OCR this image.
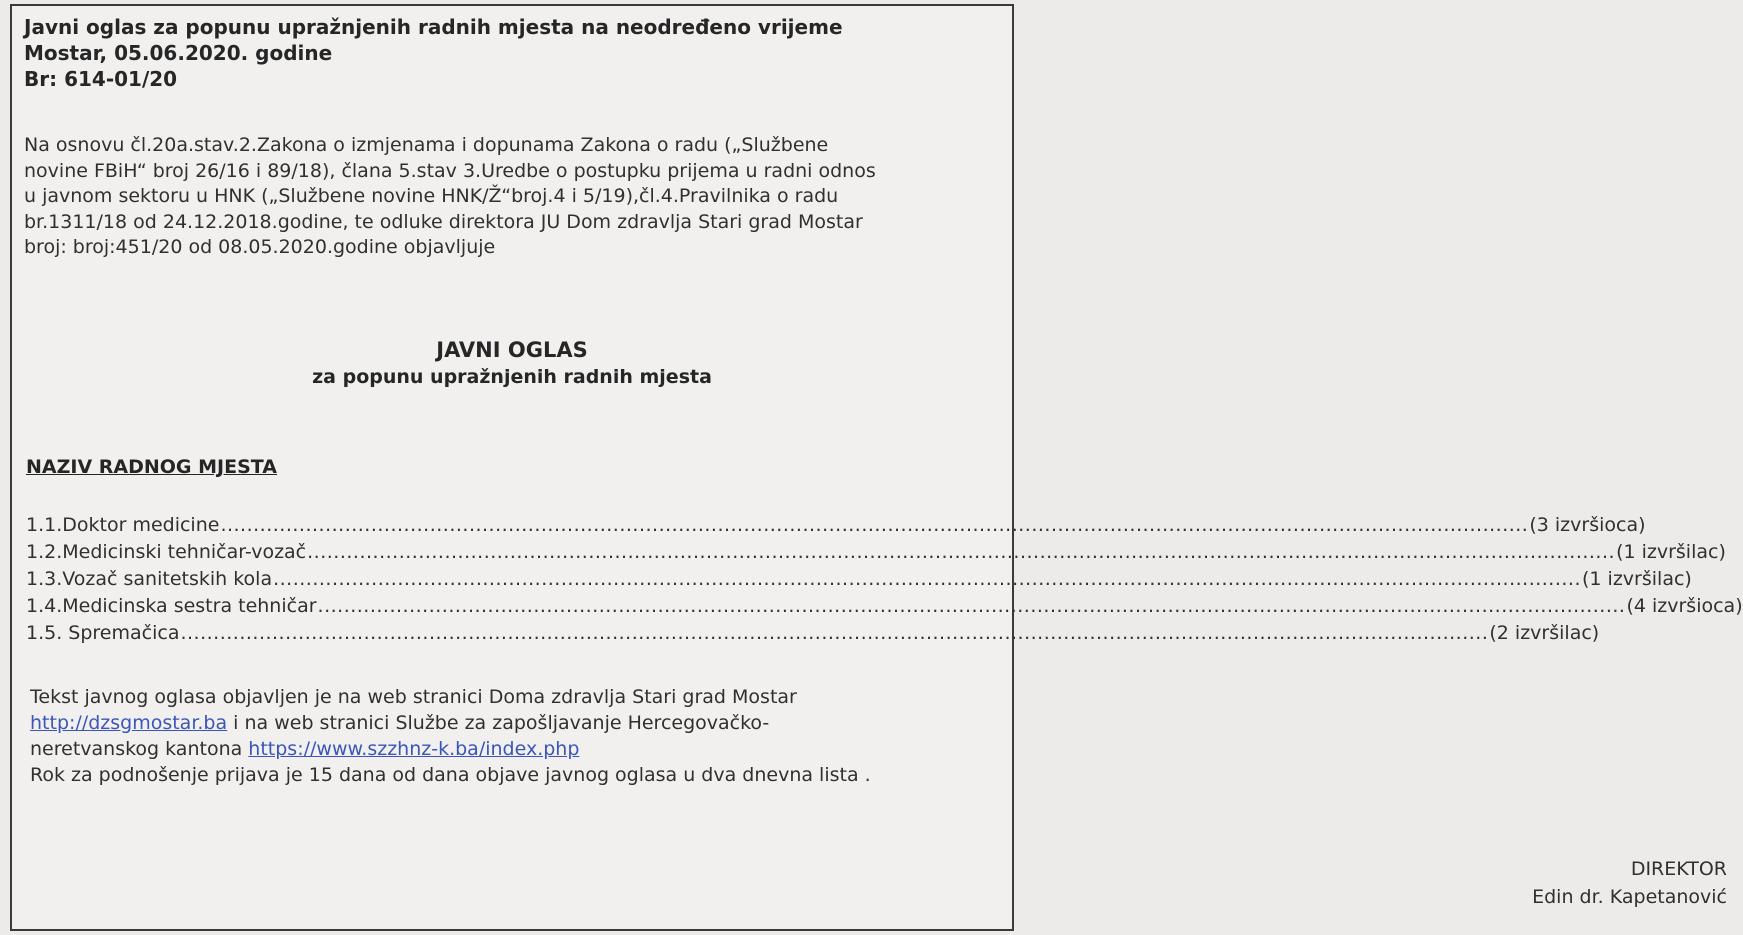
Javni oglas za popunu upražnjenih radnih mjesta na neodređeno vrijeme
Mostar, 05.06.2020. godine
Br: 614-01/20
Na osnovu čl.20a.stav.2.Zakona o izmjenama i dopunama Zakona o radu („Službene
novine FBiH“ broj 26/16 i 89/18), člana 5.stav 3.Uredbe o postupku prijema u radni odnos
u javnom sektoru u HNK („Službene novine HNK/Ž“broj.4 i 5/19),čl.4.Pravilnika o radu
br.1311/18 od 24.12.2018.godine, te odluke direktora JU Dom zdravlja Stari grad Mostar
broj: broj:451/20 od 08.05.2020.godine objavljuje
JAVNI OGLAS
za popunu upražnjenih radnih mjesta
NAZIV RADNOG MJESTA
1.1.Doktor medicine ........................................................................................................................................................................................................ (3 izvršioca)
1.2.Medicinski tehničar-vozač ........................................................................................................................................................................................................ (1 izvršilac)
1.3.Vozač sanitetskih kola ........................................................................................................................................................................................................ (1 izvršilac)
1.4.Medicinska sestra tehničar ........................................................................................................................................................................................................ (4 izvršioca)
1.5. Spremačica ........................................................................................................................................................................................................ (2 izvršilac)
Tekst javnog oglasa objavljen je na web stranici Doma zdravlja Stari grad Mostar
http://dzsgmostar.ba i na web stranici Službe za zapošljavanje Hercegovačko-
neretvanskog kantona https://www.szzhnz-k.ba/index.php
Rok za podnošenje prijava je 15 dana od dana objave javnog oglasa u dva dnevna lista .
DIREKTOR
Edin dr. Kapetanović
